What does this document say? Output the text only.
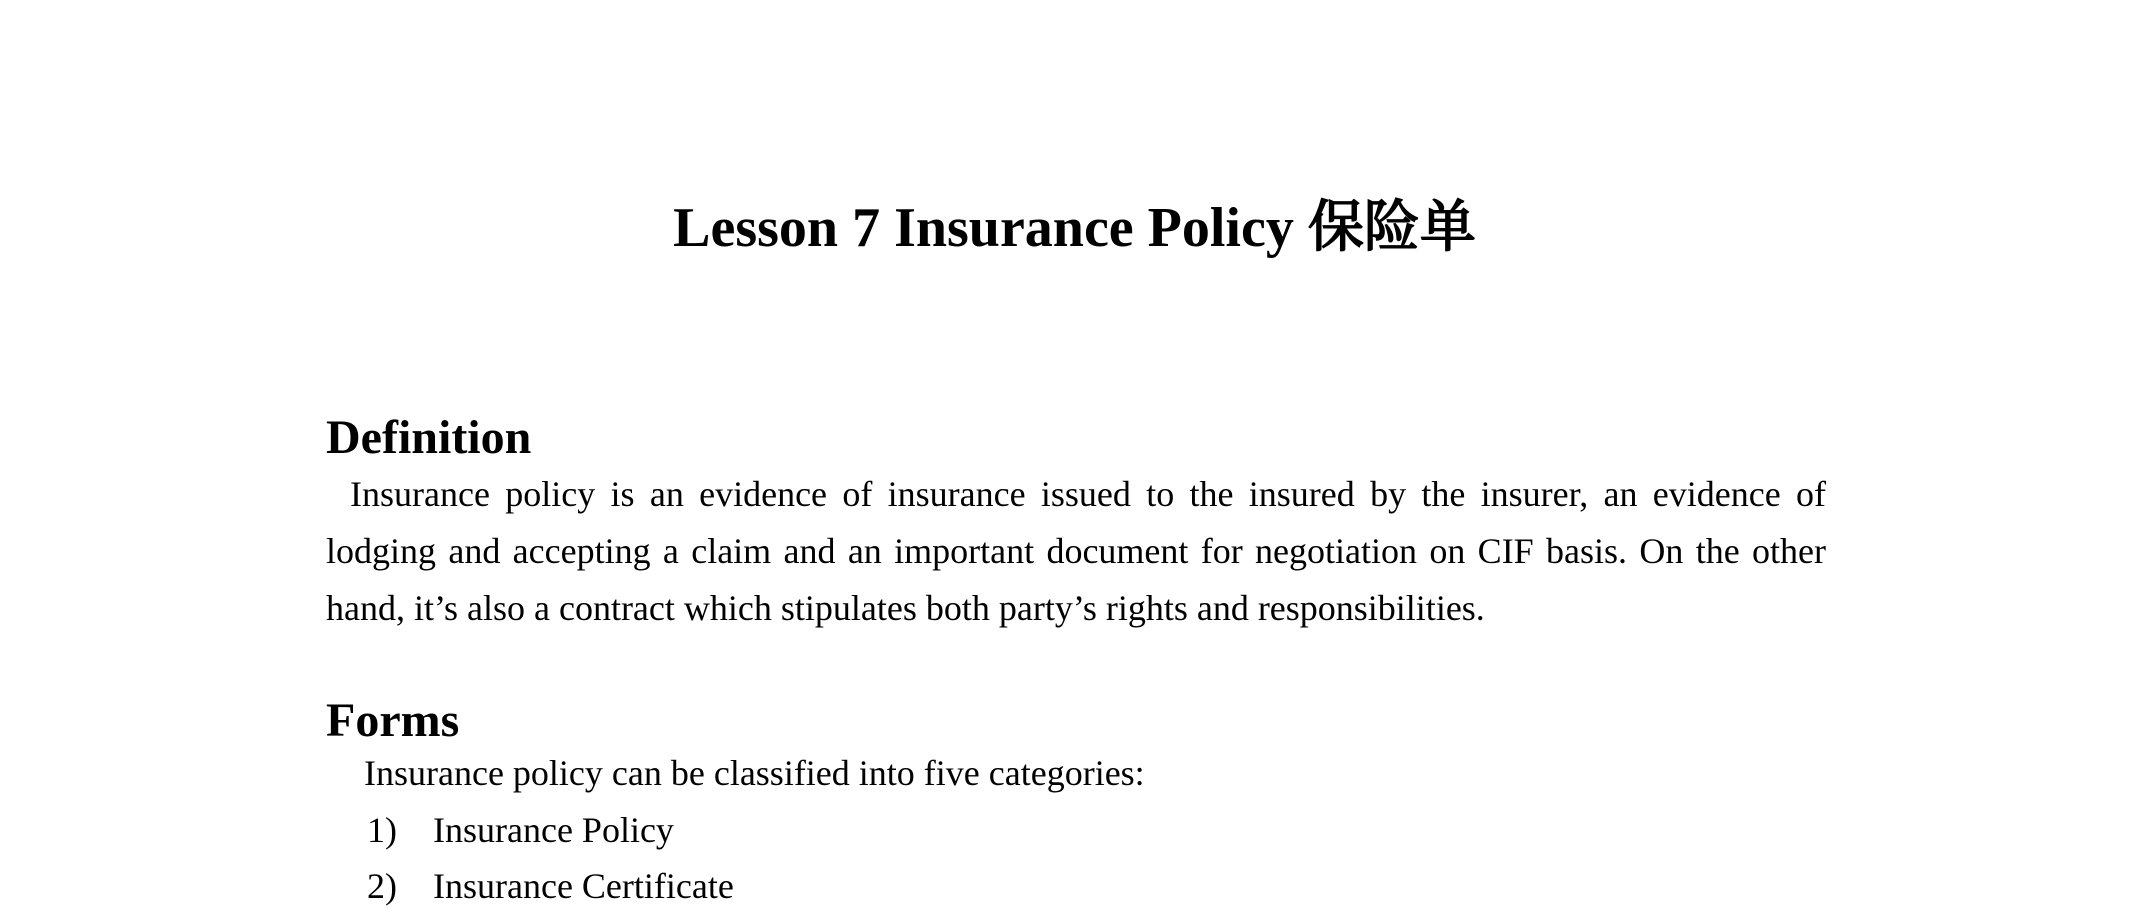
Lesson 7 Insurance Policy 保险单
Definition

Insurance policy is an evidence of insurance issued to the insured by the insurer, an evidence of lodging and accepting a claim and an important document for negotiation on CIF basis. On the other hand, it’s also a contract which stipulates both party’s rights and responsibilities.

Forms
Insurance policy can be classified into five categories:
1) Insurance Policy
2) Insurance Certificate
